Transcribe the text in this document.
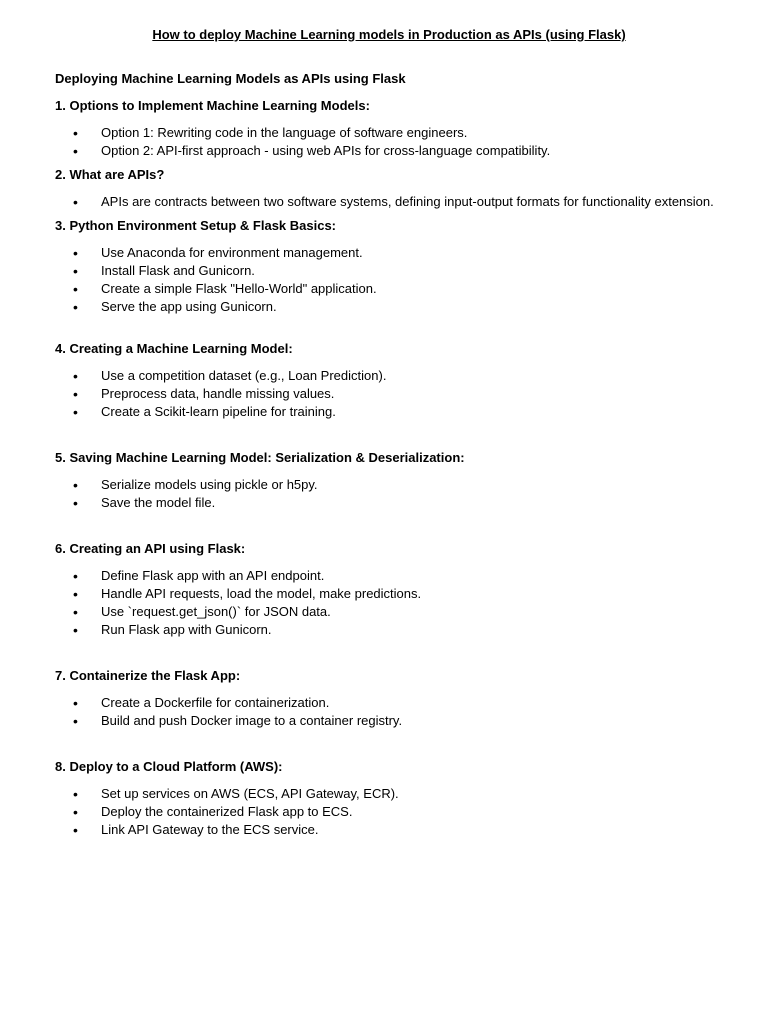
How to deploy Machine Learning models in Production as APIs (using Flask)

Deploying Machine Learning Models as APIs using Flask

1. Options to Implement Machine Learning Models:

•	Option 1: Rewriting code in the language of software engineers.
•	Option 2: API-first approach - using web APIs for cross-language compatibility.

2. What are APIs?

•	APIs are contracts between two software systems, defining input-output formats for functionality extension.

3. Python Environment Setup & Flask Basics:

•	Use Anaconda for environment management.
•	Install Flask and Gunicorn.
•	Create a simple Flask "Hello-World" application.
•	Serve the app using Gunicorn.

4. Creating a Machine Learning Model:

•	Use a competition dataset (e.g., Loan Prediction).
•	Preprocess data, handle missing values.
•	Create a Scikit-learn pipeline for training.

5. Saving Machine Learning Model: Serialization & Deserialization:

•	Serialize models using pickle or h5py.
•	Save the model file.

6. Creating an API using Flask:

•	Define Flask app with an API endpoint.
•	Handle API requests, load the model, make predictions.
•	Use `request.get_json()` for JSON data.
•	Run Flask app with Gunicorn.

7. Containerize the Flask App:

•	Create a Dockerfile for containerization.
•	Build and push Docker image to a container registry.

8. Deploy to a Cloud Platform (AWS):

•	Set up services on AWS (ECS, API Gateway, ECR).
•	Deploy the containerized Flask app to ECS.
•	Link API Gateway to the ECS service.
